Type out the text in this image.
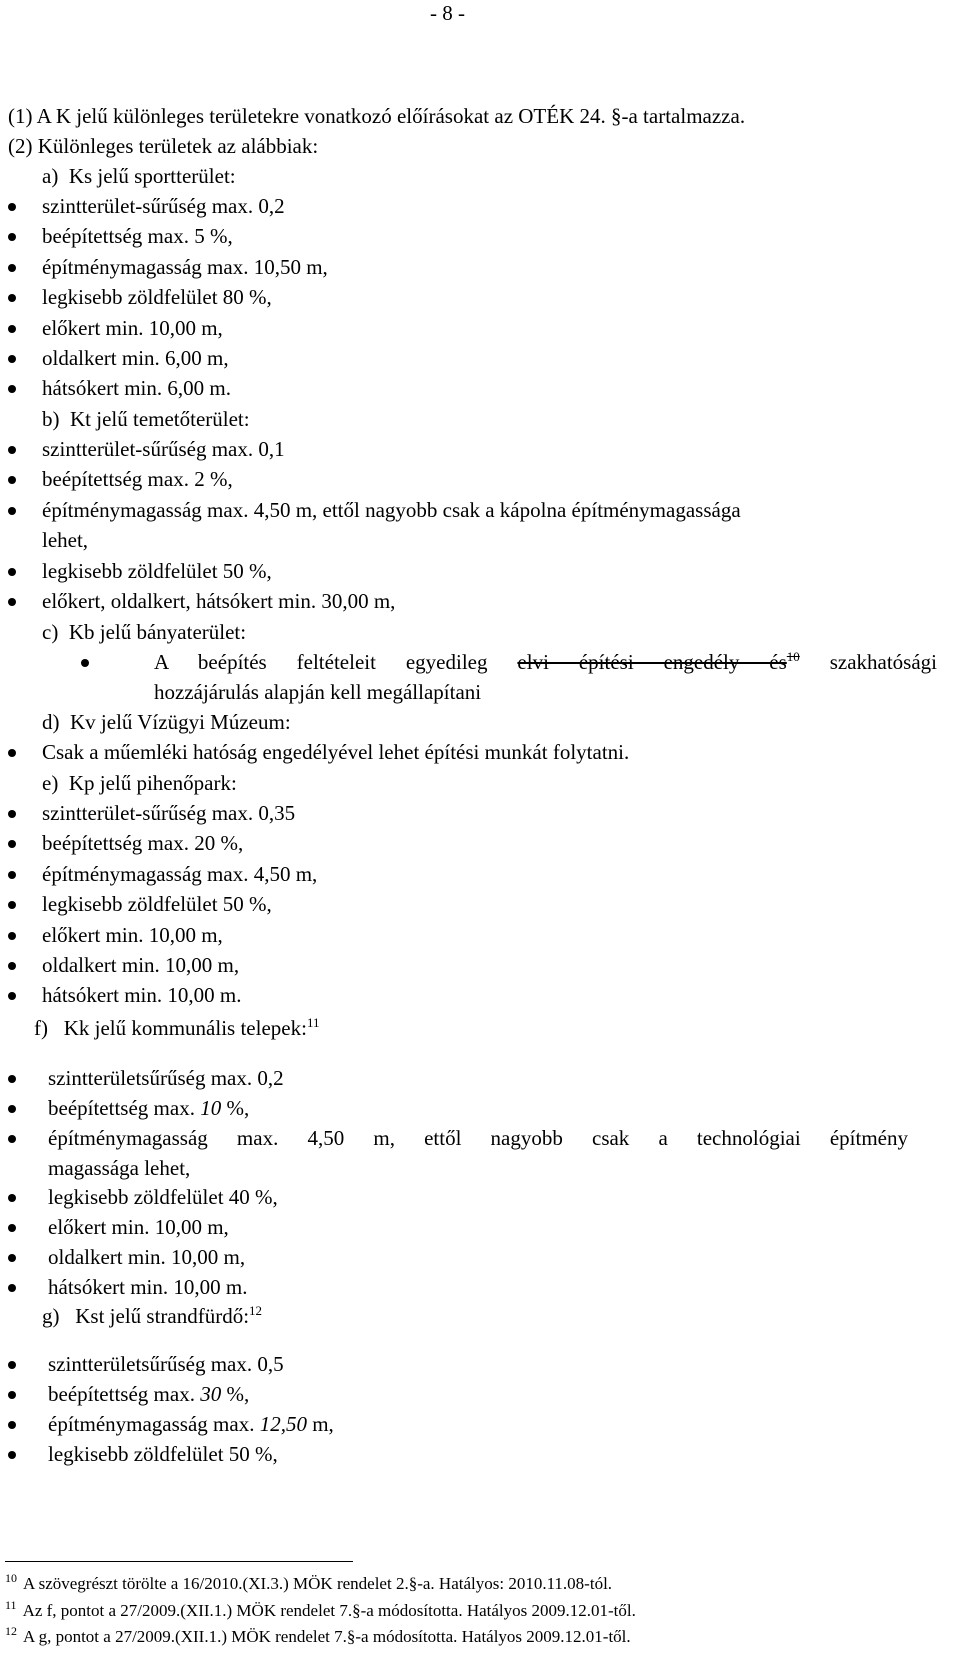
- 8 -
(1) A K jelű különleges területekre vonatkozó előírásokat az OTÉK 24. §-a tartalmazza.
(2) Különleges területek az alábbiak:
a)  Ks jelű sportterület:
szintterület-sűrűség max. 0,2
beépítettség max. 5 %,
építménymagasság max. 10,50 m,
legkisebb zöldfelület 80 %,
előkert min. 10,00 m,
oldalkert min. 6,00 m,
hátsókert min. 6,00 m.
b)  Kt jelű temetőterület:
szintterület-sűrűség max. 0,1
beépítettség max. 2 %,
építménymagasság max. 4,50 m, ettől nagyobb csak a kápolna építménymagassága
lehet,
legkisebb zöldfelület 50 %,
előkert, oldalkert, hátsókert min. 30,00 m,
c)  Kb jelű bányaterület:
A beépítés feltételeit egyedileg elvi építési engedély $és^{10}$ szakhatósági
hozzájárulás alapján kell megállapítani
d)  Kv jelű Vízügyi Múzeum:
Csak a műemléki hatóság engedélyével lehet építési munkát folytatni.
e)  Kp jelű pihenőpark:
szintterület-sűrűség max. 0,35
beépítettség max. 20 %,
építménymagasság max. 4,50 m,
legkisebb zöldfelület 50 %,
előkert min. 10,00 m,
oldalkert min. 10,00 m,
hátsókert min. 10,00 m.
f)   Kk jelű kommunális telepek:$^{11}$
szintterületsűrűség max. 0,2
beépítettség max. 10 %,
építménymagasság max. 4,50 m, ettől nagyobb csak a technológiai építmény
magassága lehet,
legkisebb zöldfelület 40 %,
előkert min. 10,00 m,
oldalkert min. 10,00 m,
hátsókert min. 10,00 m.
g)   Kst jelű strandfürdő:$^{12}$
szintterületsűrűség max. 0,5
beépítettség max. 30 %,
építménymagasság max. 12,50 m,
legkisebb zöldfelület 50 %,
$^{10}$ A szövegrészt törölte a 16/2010.(XI.3.) MÖK rendelet 2.§-a. Hatályos: 2010.11.08-tól.
$^{11}$ Az f, pontot a 27/2009.(XII.1.) MÖK rendelet 7.§-a módosította. Hatályos 2009.12.01-től.
$^{12}$ A g, pontot a 27/2009.(XII.1.) MÖK rendelet 7.§-a módosította. Hatályos 2009.12.01-től.
